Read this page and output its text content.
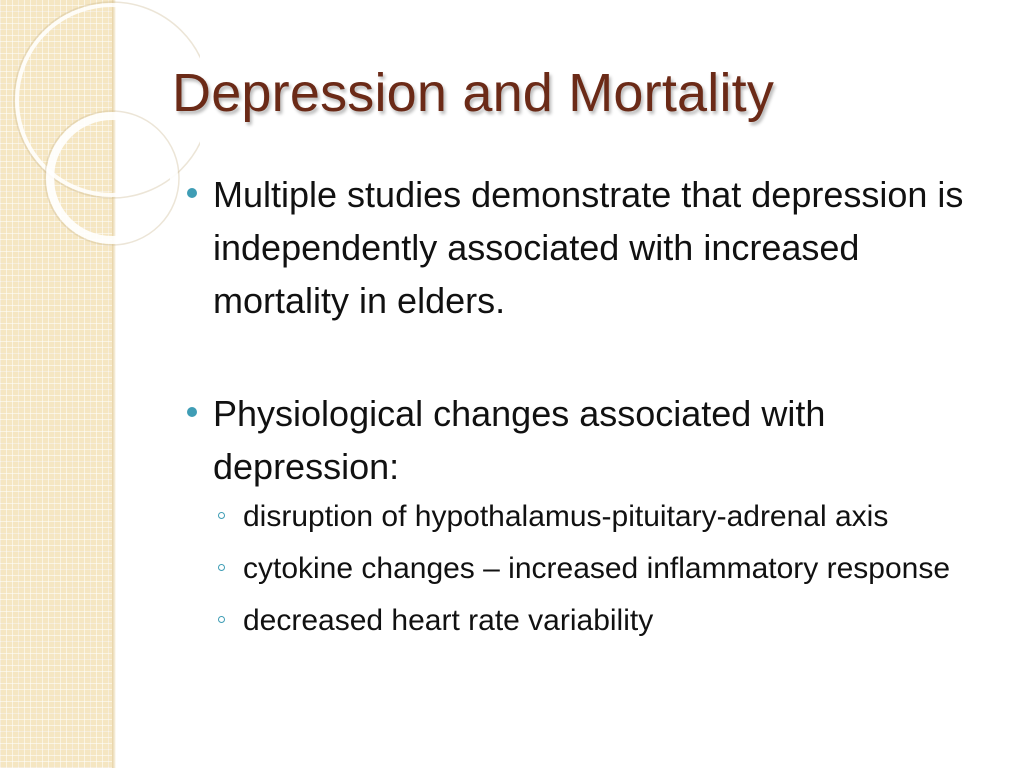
Depression and Mortality
Multiple studies demonstrate that depression is independently associated with increased mortality in elders.
Physiological changes associated with depression:
disruption of hypothalamus-pituitary-adrenal axis
cytokine changes – increased inflammatory response
decreased heart rate variability
